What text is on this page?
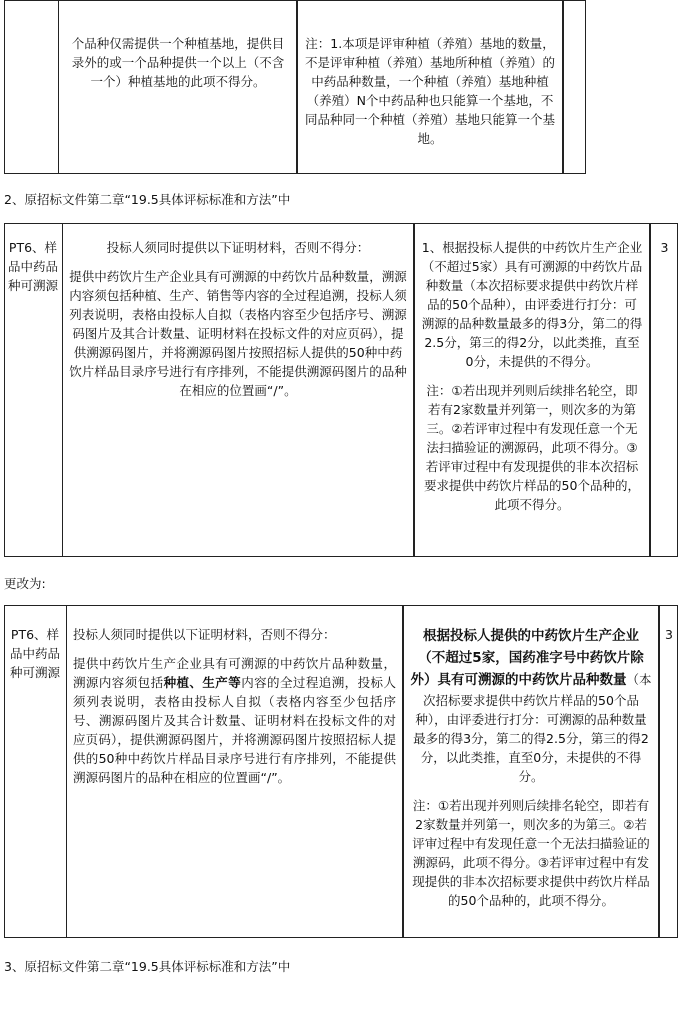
个品种仅需提供一个种植基地，提供目录外的或一个品种提供一个以上（不含一个）种植基地的此项不得分。
注：1.本项是评审种植（养殖）基地的数量，不是评审种植（养殖）基地所种植（养殖）的中药品种数量，一个种植（养殖）基地种植（养殖）N个中药品种也只能算一个基地，不同品种同一个种植（养殖）基地只能算一个基地。
2、原招标文件第二章“19.5具体评标标准和方法”中
PT6、样品中药品种可溯源
投标人须同时提供以下证明材料，否则不得分：
提供中药饮片生产企业具有可溯源的中药饮片品种数量，溯源内容须包括种植、生产、销售等内容的全过程追溯，投标人须列表说明，表格由投标人自拟（表格内容至少包括序号、溯源码图片及其合计数量、证明材料在投标文件的对应页码），提供溯源码图片，并将溯源码图片按照招标人提供的50种中药饮片样品目录序号进行有序排列，不能提供溯源码图片的品种在相应的位置画“/”。
1、根据投标人提供的中药饮片生产企业（不超过5家）具有可溯源的中药饮片品种数量（本次招标要求提供中药饮片样品的50个品种），由评委进行打分：可溯源的品种数量最多的得3分，第二的得2.5分，第三的得2分，以此类推，直至0分，未提供的不得分。
注：①若出现并列则后续排名轮空，即若有2家数量并列第一，则次多的为第三。②若评审过程中有发现任意一个无法扫描验证的溯源码，此项不得分。③若评审过程中有发现提供的非本次招标要求提供中药饮片样品的50个品种的，此项不得分。
3
更改为:
PT6、样品中药品种可溯源
投标人须同时提供以下证明材料，否则不得分：
提供中药饮片生产企业具有可溯源的中药饮片品种数量，溯源内容须包括种植、生产等内容的全过程追溯，投标人须列表说明，表格由投标人自拟（表格内容至少包括序号、溯源码图片及其合计数量、证明材料在投标文件的对应页码），提供溯源码图片，并将溯源码图片按照招标人提供的50种中药饮片样品目录序号进行有序排列，不能提供溯源码图片的品种在相应的位置画“/”。
根据投标人提供的中药饮片生产企业（不超过5家，国药准字号中药饮片除外）具有可溯源的中药饮片品种数量（本次招标要求提供中药饮片样品的50个品种），由评委进行打分：可溯源的品种数量最多的得3分，第二的得2.5分，第三的得2分，以此类推，直至0分，未提供的不得分。
注：①若出现并列则后续排名轮空，即若有2家数量并列第一，则次多的为第三。②若评审过程中有发现任意一个无法扫描验证的溯源码，此项不得分。③若评审过程中有发现提供的非本次招标要求提供中药饮片样品的50个品种的，此项不得分。
3
3、原招标文件第二章“19.5具体评标标准和方法”中
